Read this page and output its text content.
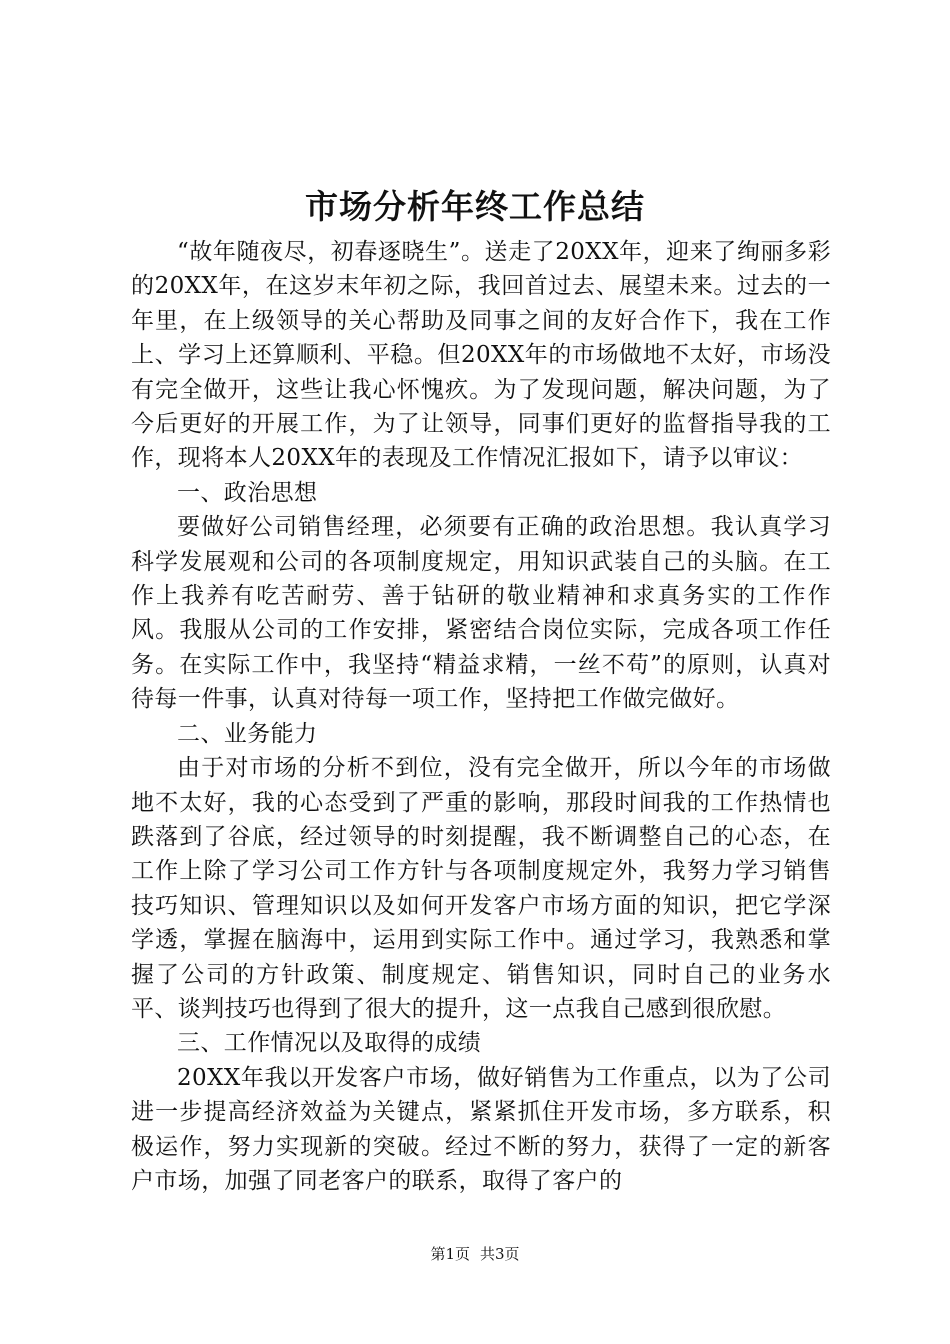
市场分析年终工作总结

“故年随夜尽，初春逐晓生”。送走了20XX年，迎来了绚丽多彩的20XX年，在这岁末年初之际，我回首过去、展望未来。过去的一年里，在上级领导的关心帮助及同事之间的友好合作下，我在工作上、学习上还算顺利、平稳。但20XX年的市场做地不太好，市场没有完全做开，这些让我心怀愧疚。为了发现问题，解决问题，为了今后更好的开展工作，为了让领导，同事们更好的监督指导我的工作，现将本人20XX年的表现及工作情况汇报如下，请予以审议：

一、政治思想

要做好公司销售经理，必须要有正确的政治思想。我认真学习科学发展观和公司的各项制度规定，用知识武装自己的头脑。在工作上我养有吃苦耐劳、善于钻研的敬业精神和求真务实的工作作风。我服从公司的工作安排，紧密结合岗位实际，完成各项工作任务。在实际工作中，我坚持“精益求精，一丝不苟”的原则，认真对待每一件事，认真对待每一项工作，坚持把工作做完做好。

二、业务能力

由于对市场的分析不到位，没有完全做开，所以今年的市场做地不太好，我的心态受到了严重的影响，那段时间我的工作热情也跌落到了谷底，经过领导的时刻提醒，我不断调整自己的心态，在工作上除了学习公司工作方针与各项制度规定外，我努力学习销售技巧知识、管理知识以及如何开发客户市场方面的知识，把它学深学透，掌握在脑海中，运用到实际工作中。通过学习，我熟悉和掌握了公司的方针政策、制度规定、销售知识，同时自己的业务水平、谈判技巧也得到了很大的提升，这一点我自己感到很欣慰。

三、工作情况以及取得的成绩

20XX年我以开发客户市场，做好销售为工作重点，以为了公司进一步提高经济效益为关键点，紧紧抓住开发市场，多方联系，积极运作，努力实现新的突破。经过不断的努力，获得了一定的新客户市场，加强了同老客户的联系，取得了客户的

第1页 共3页
